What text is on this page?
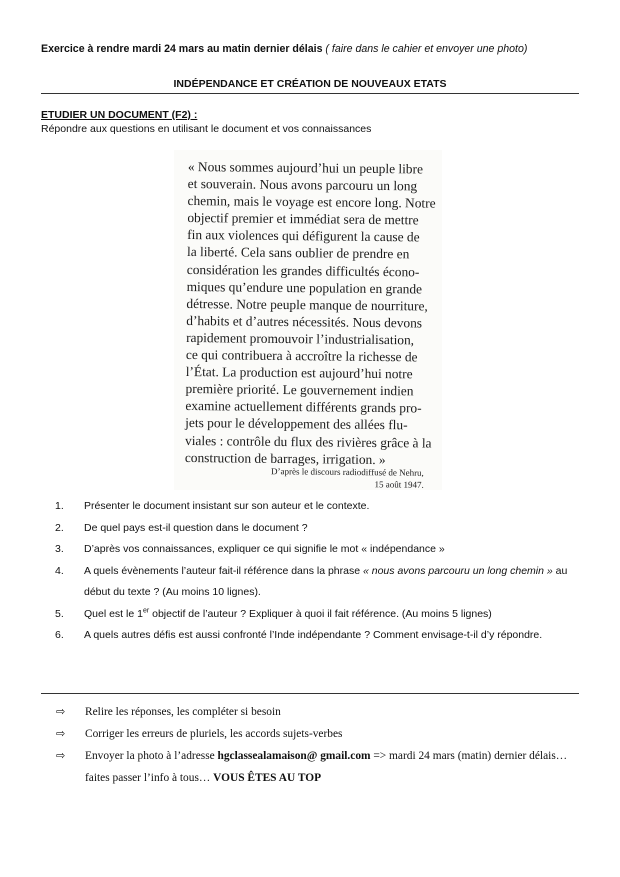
Exercice à rendre mardi 24 mars au matin dernier délais ( faire dans le cahier et envoyer une photo)
INDÉPENDANCE ET CRÉATION DE NOUVEAUX ETATS
ETUDIER UN DOCUMENT (F2) :
Répondre aux questions en utilisant le document et vos connaissances
« Nous sommes aujourd’hui un peuple libre
et souverain. Nous avons parcouru un long
chemin, mais le voyage est encore long. Notre
objectif premier et immédiat sera de mettre
fin aux violences qui défigurent la cause de
la liberté. Cela sans oublier de prendre en
considération les grandes difficultés écono-
miques qu’endure une population en grande
détresse. Notre peuple manque de nourriture,
d’habits et d’autres nécessités. Nous devons
rapidement promouvoir l’industrialisation,
ce qui contribuera à accroître la richesse de
l’État. La production est aujourd’hui notre
première priorité. Le gouvernement indien
examine actuellement différents grands pro-
jets pour le développement des allées flu-
viales : contrôle du flux des rivières grâce à la
construction de barrages, irrigation. »
D’après le discours radiodiffusé de Nehru,
15 août 1947.
1. Présenter le document insistant sur son auteur et le contexte.
2. De quel pays est-il question dans le document ?
3. D’après vos connaissances, expliquer ce qui signifie le mot « indépendance »
4. A quels évènements l’auteur fait-il référence dans la phrase « nous avons parcouru un long chemin » au début du texte ? (Au moins 10 lignes).
5. Quel est le 1er objectif de l’auteur ? Expliquer à quoi il fait référence. (Au moins 5 lignes)
6. A quels autres défis est aussi confronté l’Inde indépendante ? Comment envisage-t-il d’y répondre.
⇨ Relire les réponses, les compléter si besoin
⇨ Corriger les erreurs de pluriels, les accords sujets-verbes
⇨ Envoyer la photo à l’adresse hgclassealamaison@ gmail.com => mardi 24 mars (matin) dernier délais… faites passer l’info à tous… VOUS ÊTES AU TOP
